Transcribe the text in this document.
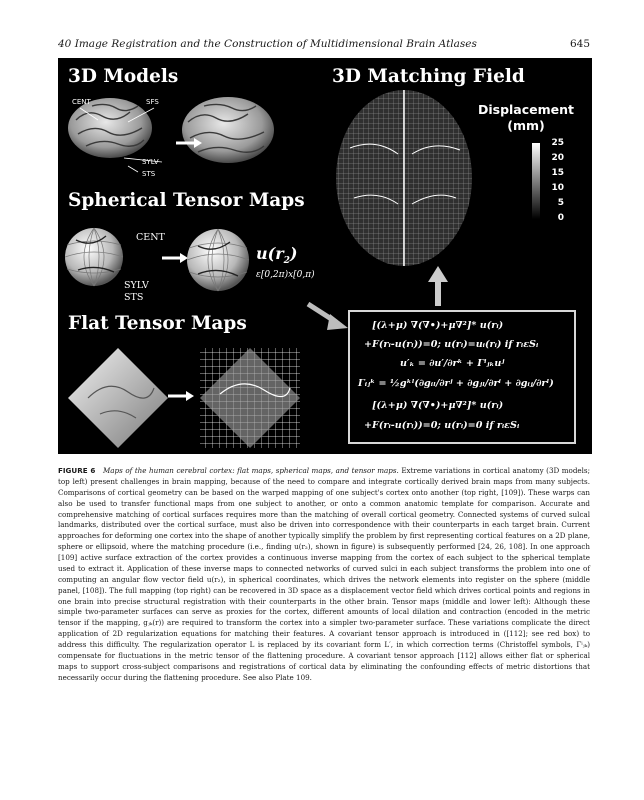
40 Image Registration and the Construction of Multidimensional Brain Atlases	645
3D Models	3D Matching Field
Spherical Tensor Maps
Flat Tensor Maps
CENT	SFS
SYLV
STS
CENT
SYLV
STS
$u(r_2)$
ε[0,2π)x[0,π)
Displacement
(mm)
25
20
15
10
5
0
[(λ+μ) ∇(∇•)+μ∇²]* u(rᵢ)
+F(rᵢ-u(rᵢ))=0; u(rᵢ)=uᵢ(rᵢ) if rᵢεSᵢ
u′ₖ = ∂u′/∂rᵏ + Γⁱⱼₖuʲ
Γᵢⱼᵏ = ½gᵏˡ(∂gᵢₗ/∂rʲ + ∂gⱼₗ/∂rⁱ + ∂gᵢⱼ/∂rˡ)
[(λ+μ) ∇(∇•)+μ∇²]* u(rᵢ)
+F(rᵢ-u(rᵢ))=0; u(rᵢ)=0 if rᵢεSᵢ
FIGURE 6 Maps of the human cerebral cortex: flat maps, spherical maps, and tensor maps. Extreme variations in cortical anatomy (3D models; top left) present challenges in brain mapping, because of the need to compare and integrate cortically derived brain maps from many subjects. Comparisons of cortical geometry can be based on the warped mapping of one subject's cortex onto another (top right, [109]). These warps can also be used to transfer functional maps from one subject to another, or onto a common anatomic template for comparison. Accurate and comprehensive matching of cortical surfaces requires more than the matching of overall cortical geometry. Connected systems of curved sulcal landmarks, distributed over the cortical surface, must also be driven into correspondence with their counterparts in each target brain. Current approaches for deforming one cortex into the shape of another typically simplify the problem by first representing cortical features on a 2D plane, sphere or ellipsoid, where the matching procedure (i.e., finding u(r₂), shown in figure) is subsequently performed [24, 26, 108]. In one approach [109] active surface extraction of the cortex provides a continuous inverse mapping from the cortex of each subject to the spherical template used to extract it. Application of these inverse maps to connected networks of curved sulci in each subject transforms the problem into one of computing an angular flow vector field u(r₂), in spherical coordinates, which drives the network elements into register on the sphere (middle panel, [108]). The full mapping (top right) can be recovered in 3D space as a displacement vector field which drives cortical points and regions in one brain into precise structural registration with their counterparts in the other brain. Tensor maps (middle and lower left): Although these simple two-parameter surfaces can serve as proxies for the cortex, different amounts of local dilation and contraction (encoded in the metric tensor if the mapping, gⱼₖ(r)) are required to transform the cortex into a simpler two-parameter surface. These variations complicate the direct application of 2D regularization equations for matching their features. A covariant tensor approach is introduced in ([112]; see red box) to address this difficulty. The regularization operator L is replaced by its covariant form L′, in which correction terms (Christoffel symbols, Γⁱⱼₖ) compensate for fluctuations in the metric tensor of the flattening procedure. A covariant tensor approach [112] allows either flat or spherical maps to support cross-subject comparisons and registrations of cortical data by eliminating the confounding effects of metric distortions that necessarily occur during the flattening procedure. See also Plate 109.
